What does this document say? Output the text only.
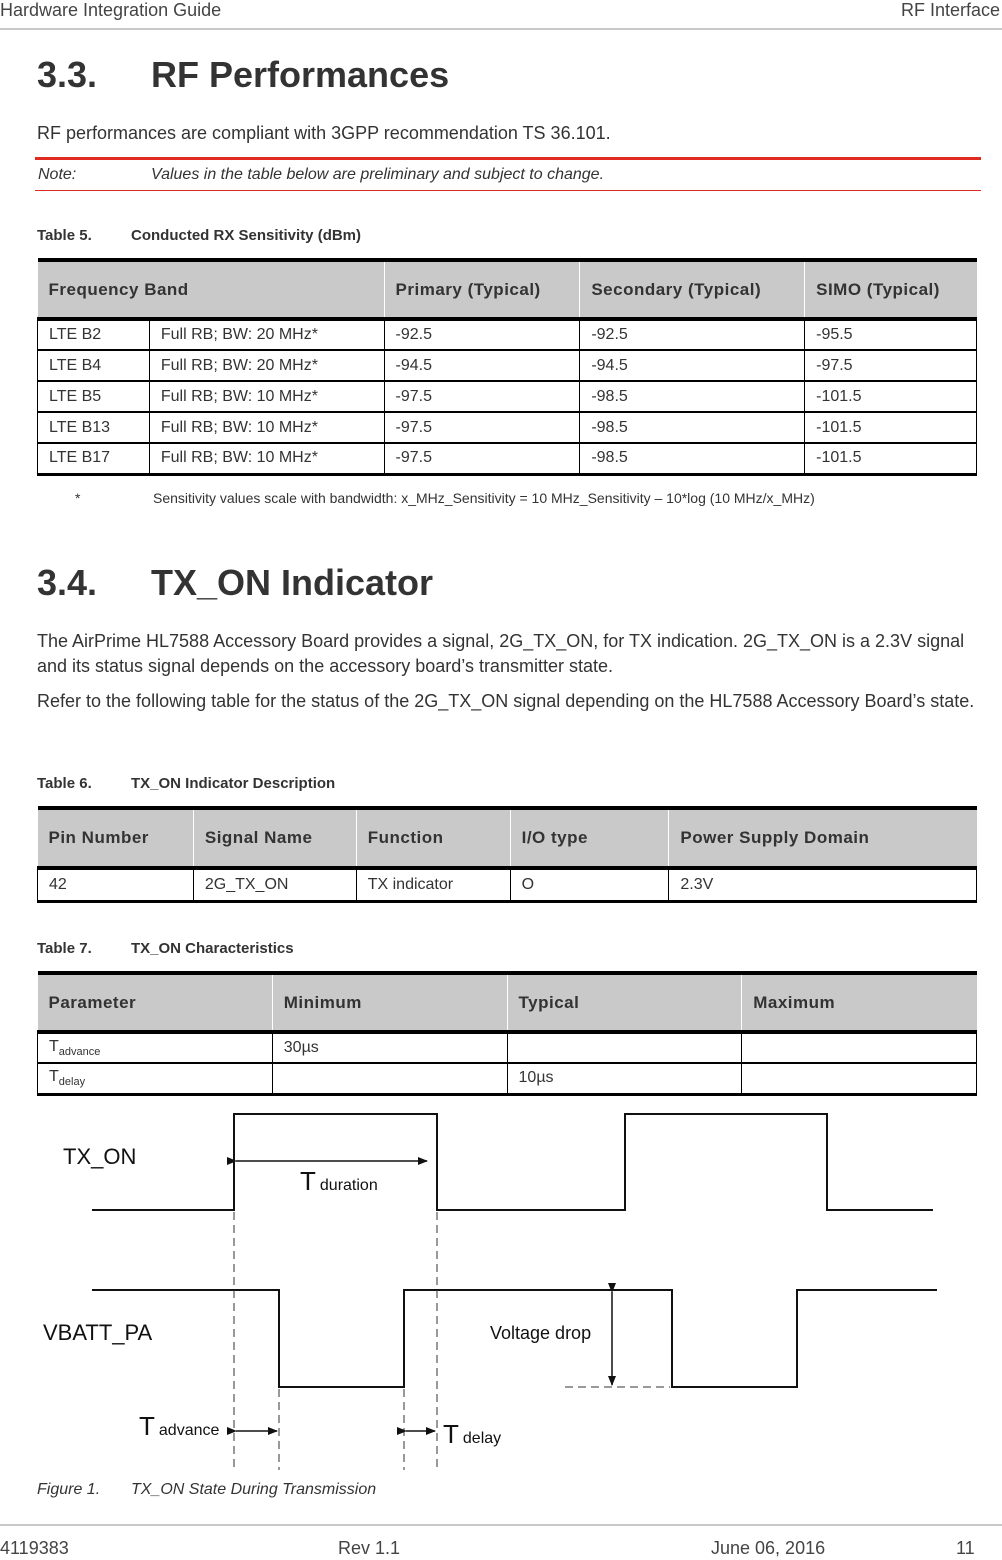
Hardware Integration Guide	RF Interface
3.3. RF Performances
RF performances are compliant with 3GPP recommendation TS 36.101.
Note:	Values in the table below are preliminary and subject to change.
Table 5.	Conducted RX Sensitivity (dBm)
Frequency Band		Primary (Typical)	Secondary (Typical)	SIMO (Typical)
LTE B2	Full RB; BW: 20 MHz*	-92.5	-92.5	-95.5
LTE B4	Full RB; BW: 20 MHz*	-94.5	-94.5	-97.5
LTE B5	Full RB; BW: 10 MHz*	-97.5	-98.5	-101.5
LTE B13	Full RB; BW: 10 MHz*	-97.5	-98.5	-101.5
LTE B17	Full RB; BW: 10 MHz*	-97.5	-98.5	-101.5
*	Sensitivity values scale with bandwidth: x_MHz_Sensitivity = 10 MHz_Sensitivity – 10*log (10 MHz/x_MHz)
3.4. TX_ON Indicator
The AirPrime HL7588 Accessory Board provides a signal, 2G_TX_ON, for TX indication. 2G_TX_ON is a 2.3V signal and its status signal depends on the accessory board’s transmitter state.
Refer to the following table for the status of the 2G_TX_ON signal depending on the HL7588 Accessory Board’s state.
Table 6.	TX_ON Indicator Description
Pin Number	Signal Name	Function	I/O type	Power Supply Domain
42	2G_TX_ON	TX indicator	O	2.3V
Table 7.	TX_ON Characteristics
Parameter	Minimum	Typical	Maximum
$T_{advance}$	30µs		
$T_{delay}$		10µs	
TX_ON
Tduration
VBATT_PA	Voltage drop
Tadvance	Tdelay
Figure 1. TX_ON State During Transmission
4119383	Rev 1.1	June 06, 2016	11
